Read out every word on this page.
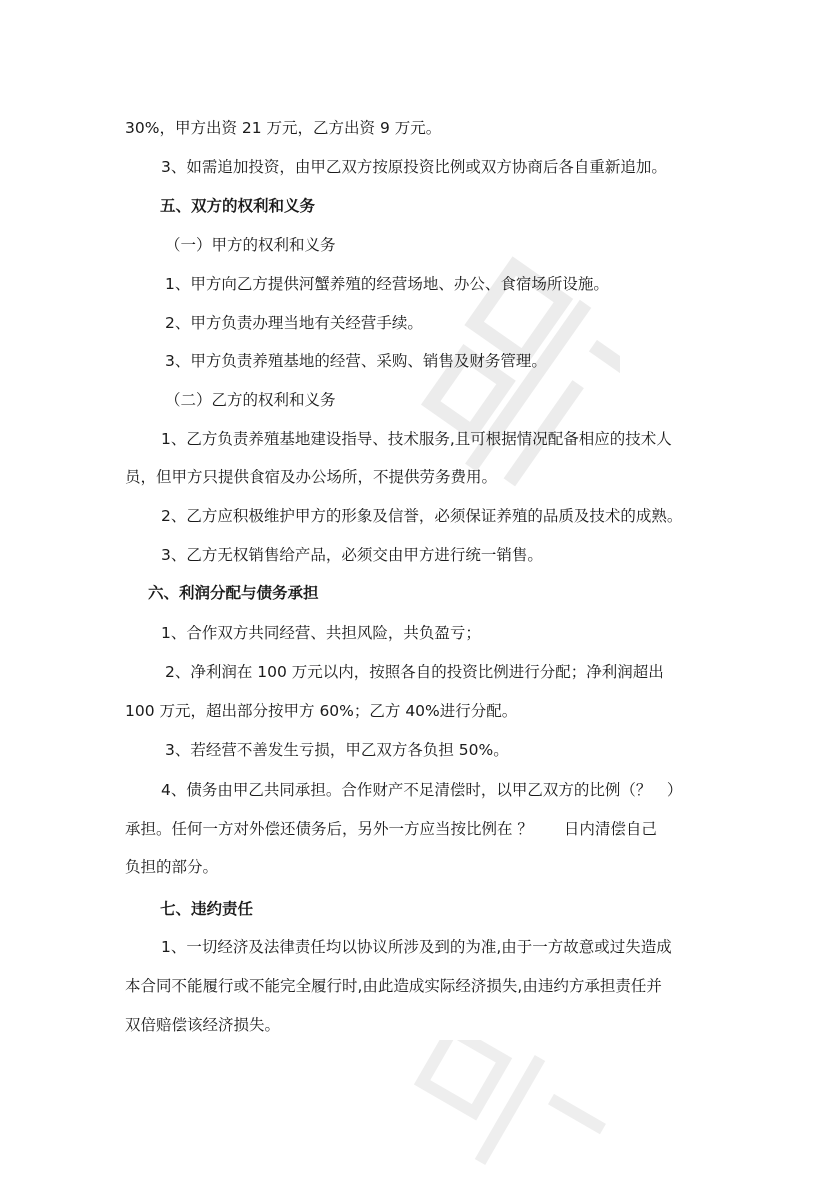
30%，甲方出资 21 万元，乙方出资 9 万元。

3、如需追加投资，由甲乙双方按原投资比例或双方协商后各自重新追加。

五、双方的权利和义务

（一）甲方的权利和义务

1、甲方向乙方提供河蟹养殖的经营场地、办公、食宿场所设施。

2、甲方负责办理当地有关经营手续。

3、甲方负责养殖基地的经营、采购、销售及财务管理。

（二）乙方的权利和义务

1、乙方负责养殖基地建设指导、技术服务,且可根据情况配备相应的技术人

员，但甲方只提供食宿及办公场所，不提供劳务费用。

2、乙方应积极维护甲方的形象及信誉，必须保证养殖的品质及技术的成熟。

3、乙方无权销售给产品，必须交由甲方进行统一销售。

六、利润分配与债务承担

1、合作双方共同经营、共担风险，共负盈亏；

2、净利润在 100 万元以内，按照各自的投资比例进行分配；净利润超出

100 万元，超出部分按甲方 60%；乙方 40%进行分配。

3、若经营不善发生亏损，甲乙双方各负担 50%。

4、债务由甲乙共同承担。合作财产不足清偿时，以甲乙双方的比例（？　）

承担。任何一方对外偿还债务后，另外一方应当按比例在 ？　　日内清偿自己

负担的部分。

七、违约责任

1、一切经济及法律责任均以协议所涉及到的为准,由于一方故意或过失造成

本合同不能履行或不能完全履行时,由此造成实际经济损失,由违约方承担责任并

双倍赔偿该经济损失。
